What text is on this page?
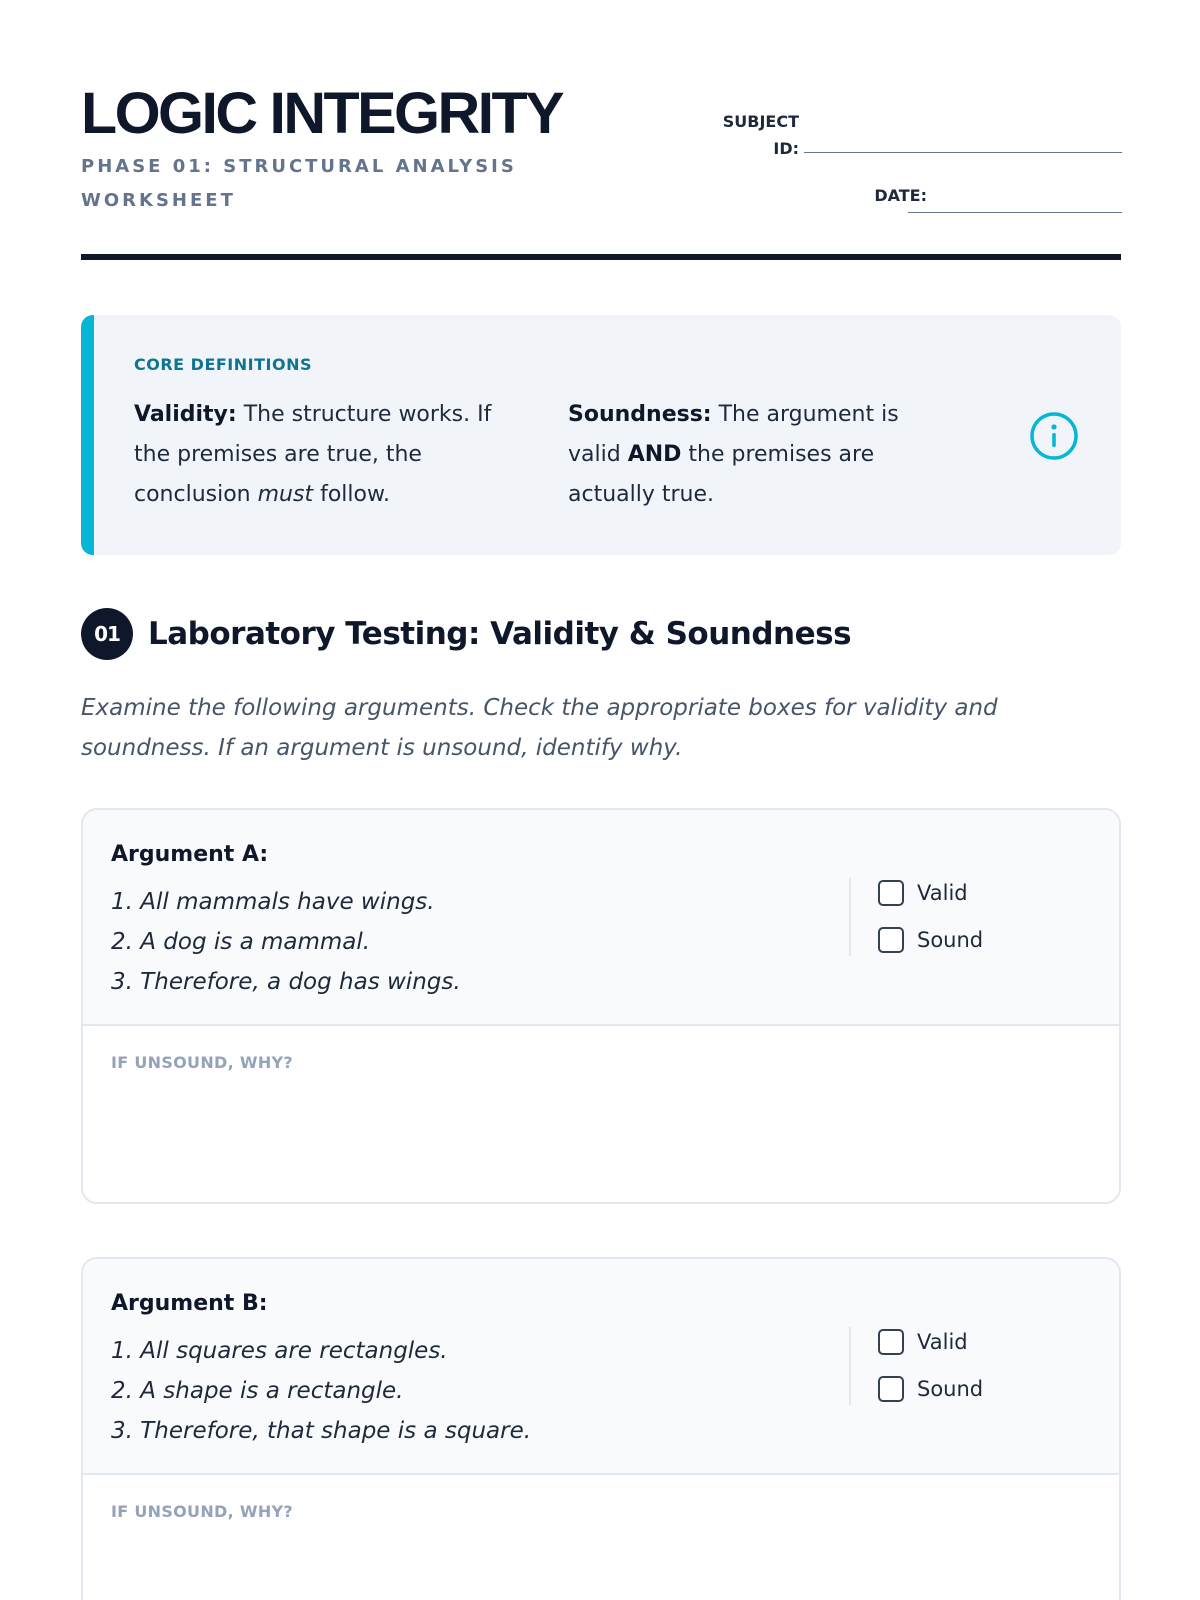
LOGIC INTEGRITY
PHASE 01: STRUCTURAL ANALYSIS WORKSHEET
SUBJECT ID:
DATE:
CORE DEFINITIONS
Validity: The structure works. If the premises are true, the conclusion must follow.
Soundness: The argument is valid AND the premises are actually true.
01 Laboratory Testing: Validity & Soundness
Examine the following arguments. Check the appropriate boxes for validity and soundness. If an argument is unsound, identify why.
Argument A:
1. All mammals have wings.
2. A dog is a mammal.
3. Therefore, a dog has wings.
Valid
Sound
IF UNSOUND, WHY?
Argument B:
1. All squares are rectangles.
2. A shape is a rectangle.
3. Therefore, that shape is a square.
Valid
Sound
IF UNSOUND, WHY?
